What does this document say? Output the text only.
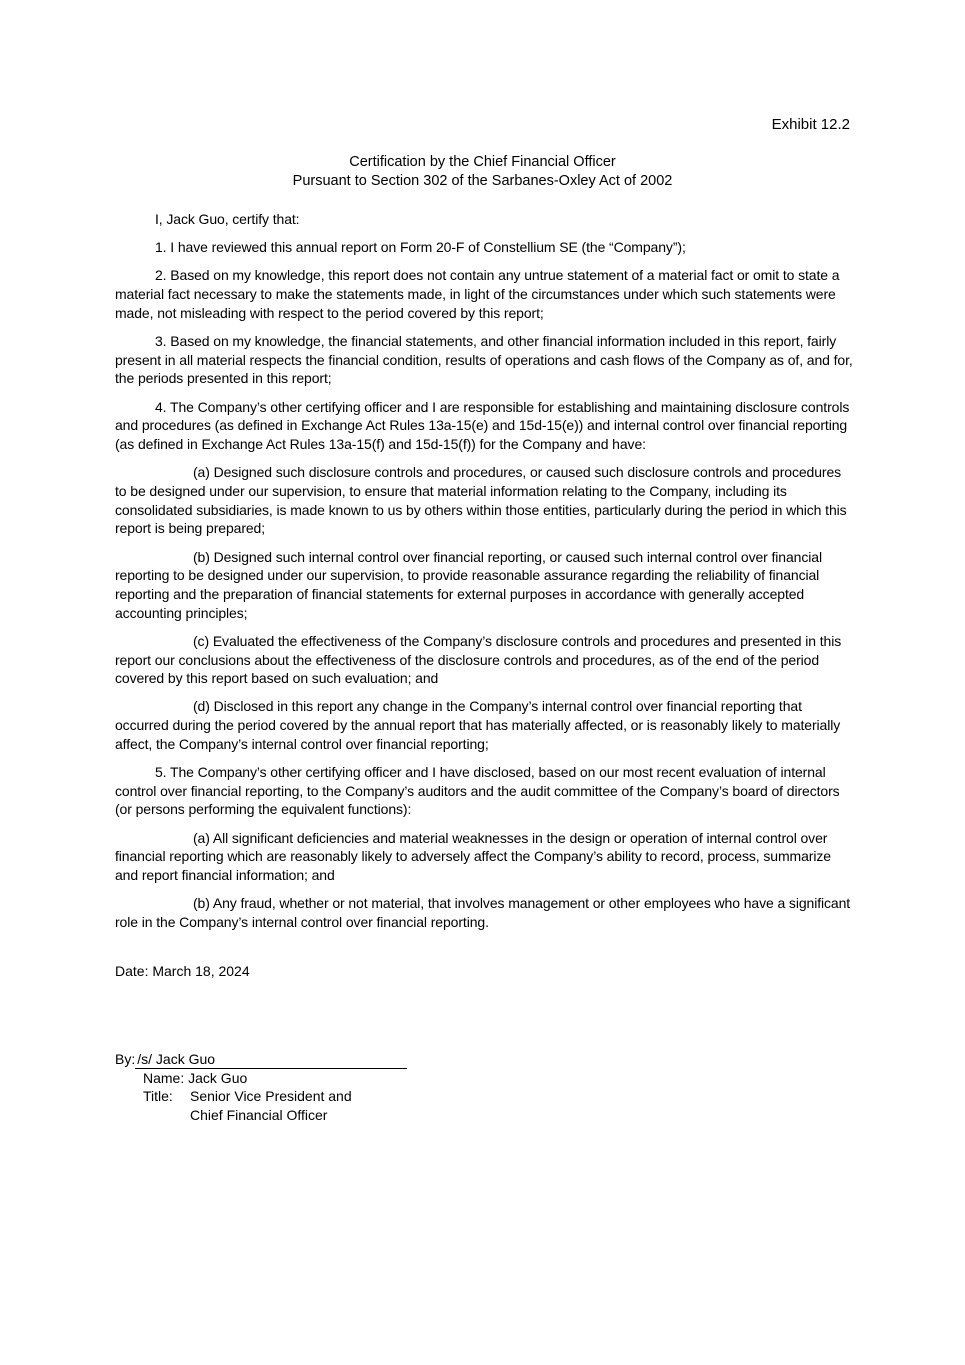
Exhibit 12.2
Certification by the Chief Financial Officer
Pursuant to Section 302 of the Sarbanes-Oxley Act of 2002

I, Jack Guo, certify that:

1. I have reviewed this annual report on Form 20-F of Constellium SE (the “Company”);

2. Based on my knowledge, this report does not contain any untrue statement of a material fact or omit to state a material fact necessary to make the statements made, in light of the circumstances under which such statements were made, not misleading with respect to the period covered by this report;

3. Based on my knowledge, the financial statements, and other financial information included in this report, fairly present in all material respects the financial condition, results of operations and cash flows of the Company as of, and for, the periods presented in this report;

4. The Company’s other certifying officer and I are responsible for establishing and maintaining disclosure controls and procedures (as defined in Exchange Act Rules 13a-15(e) and 15d-15(e)) and internal control over financial reporting (as defined in Exchange Act Rules 13a-15(f) and 15d-15(f)) for the Company and have:

(a) Designed such disclosure controls and procedures, or caused such disclosure controls and procedures to be designed under our supervision, to ensure that material information relating to the Company, including its consolidated subsidiaries, is made known to us by others within those entities, particularly during the period in which this report is being prepared;

(b) Designed such internal control over financial reporting, or caused such internal control over financial reporting to be designed under our supervision, to provide reasonable assurance regarding the reliability of financial reporting and the preparation of financial statements for external purposes in accordance with generally accepted accounting principles;

(c) Evaluated the effectiveness of the Company’s disclosure controls and procedures and presented in this report our conclusions about the effectiveness of the disclosure controls and procedures, as of the end of the period covered by this report based on such evaluation; and

(d) Disclosed in this report any change in the Company’s internal control over financial reporting that occurred during the period covered by the annual report that has materially affected, or is reasonably likely to materially affect, the Company’s internal control over financial reporting;

5. The Company’s other certifying officer and I have disclosed, based on our most recent evaluation of internal control over financial reporting, to the Company’s auditors and the audit committee of the Company’s board of directors (or persons performing the equivalent functions):

(a) All significant deficiencies and material weaknesses in the design or operation of internal control over financial reporting which are reasonably likely to adversely affect the Company’s ability to record, process, summarize and report financial information; and

(b) Any fraud, whether or not material, that involves management or other employees who have a significant role in the Company’s internal control over financial reporting.

Date: March 18, 2024
By: /s/ Jack Guo
Name: Jack Guo
Title:	Senior Vice President and
Chief Financial Officer
